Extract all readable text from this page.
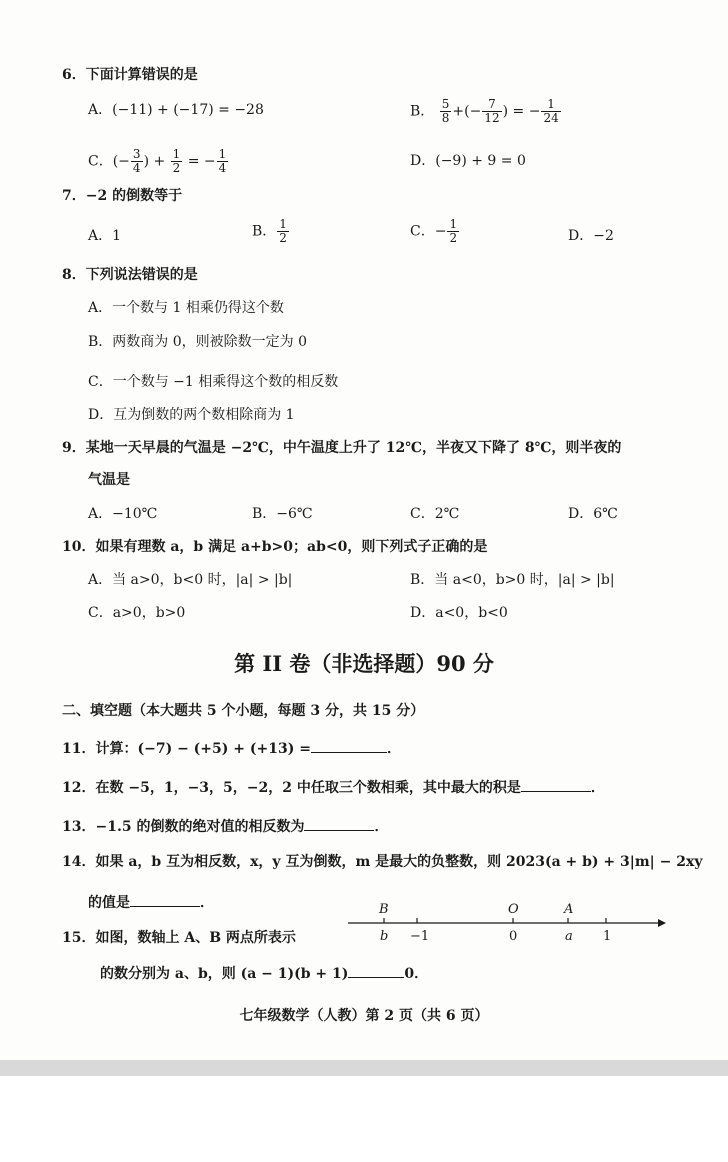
6．下面计算错误的是
A．(−11) + (−17) = −28	B． $\frac{5}{8}$ +(− $\frac{7}{12}$ ) = − $\frac{1}{24}$
C．(− $\frac{3}{4}$ ) + $\frac{1}{2}$ = − $\frac{1}{4}$	D．(−9) + 9 = 0
7．−2 的倒数等于
A．1	B． $\frac{1}{2}$	C．− $\frac{1}{2}$	D．−2
8．下列说法错误的是
A．一个数与 1 相乘仍得这个数
B．两数商为 0，则被除数一定为 0
C．一个数与 −1 相乘得这个数的相反数
D．互为倒数的两个数相除商为 1
9．某地一天早晨的气温是 −2℃，中午温度上升了 12℃，半夜又下降了 8℃，则半夜的
气温是
A．−10℃	B．−6℃	C．2℃	D．6℃
10．如果有理数 a，b 满足 a+b>0；ab<0，则下列式子正确的是
A．当 a>0，b<0 时，|a| > |b|	B．当 a<0，b>0 时，|a| > |b|
C．a>0，b>0	D．a<0，b<0
第 II 卷（非选择题）90 分
二、填空题（本大题共 5 个小题，每题 3 分，共 15 分）
11．计算：(−7) − (+5) + (+13) =	．
12．在数 −5，1，−3，5，−2，2 中任取三个数相乘，其中最大的积是	．
13．−1.5 的倒数的绝对值的相反数为	．
14．如果 a，b 互为相反数，x，y 互为倒数，m 是最大的负整数，则 2023(a + b) + 3|m| − 2xy
的值是	．
15．如图，数轴上 A、B 两点所表示
的数分别为 a、b，则 (a − 1)(b + 1)	0．
B	O	A
b −1	0	a 1
七年级数学（人教）第 2 页（共 6 页）
